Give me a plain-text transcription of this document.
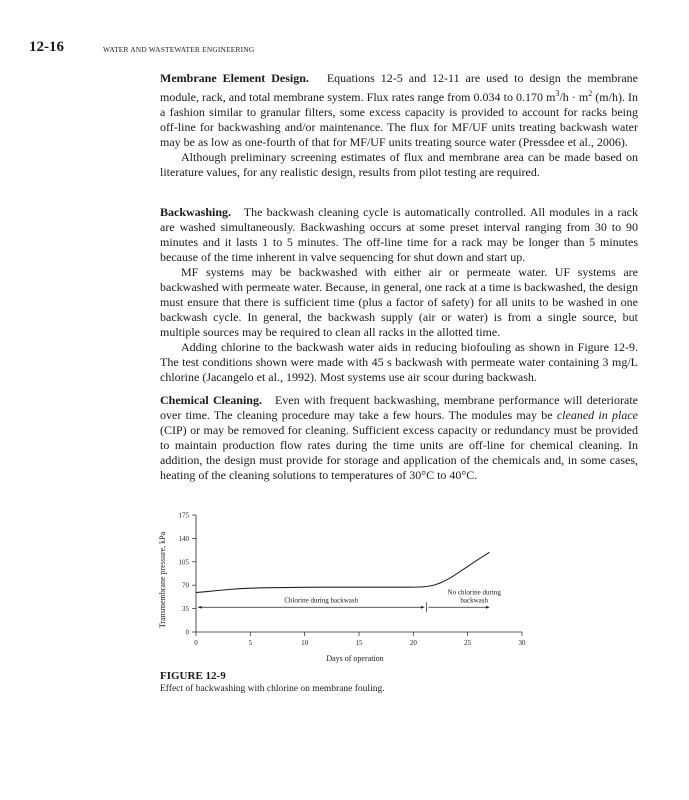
12-16	WATER AND WASTEWATER ENGINEERING

Membrane Element Design. Equations 12-5 and 12-11 are used to design the membrane module, rack, and total membrane system. Flux rates range from 0.034 to 0.170 $m^3/h \cdot m^2$ (m/h). In a fashion similar to granular filters, some excess capacity is provided to account for racks being off-line for backwashing and/or maintenance. The flux for MF/UF units treating backwash water may be as low as one-fourth of that for MF/UF units treating source water (Pressdee et al., 2006).

Although preliminary screening estimates of flux and membrane area can be made based on literature values, for any realistic design, results from pilot testing are required.

Backwashing. The backwash cleaning cycle is automatically controlled. All modules in a rack are washed simultaneously. Backwashing occurs at some preset interval ranging from 30 to 90 minutes and it lasts 1 to 5 minutes. The off-line time for a rack may be longer than 5 minutes because of the time inherent in valve sequencing for shut down and start up.

MF systems may be backwashed with either air or permeate water. UF systems are backwashed with permeate water. Because, in general, one rack at a time is backwashed, the design must ensure that there is sufficient time (plus a factor of safety) for all units to be washed in one backwash cycle. In general, the backwash supply (air or water) is from a single source, but multiple sources may be required to clean all racks in the allotted time.

Adding chlorine to the backwash water aids in reducing biofouling as shown in Figure 12-9. The test conditions shown were made with 45 s backwash with permeate water containing 3 mg/L chlorine (Jacangelo et al., 1992). Most systems use air scour during backwash.

Chemical Cleaning. Even with frequent backwashing, membrane performance will deteriorate over time. The cleaning procedure may take a few hours. The modules may be cleaned in place (CIP) or may be removed for cleaning. Sufficient excess capacity or redundancy must be provided to maintain production flow rates during the time units are off-line for chemical cleaning. In addition, the design must provide for storage and application of the chemicals and, in some cases, heating of the cleaning solutions to temperatures of 30°C to 40°C.

0
35
70
105
140
175
0	5	10	15	20	25	30
Chlorine during backwash
No chlorine during
backwash
Transmembrane pressure, kPa
Days of operation
FIGURE 12-9
Effect of backwashing with chlorine on membrane fouling.
